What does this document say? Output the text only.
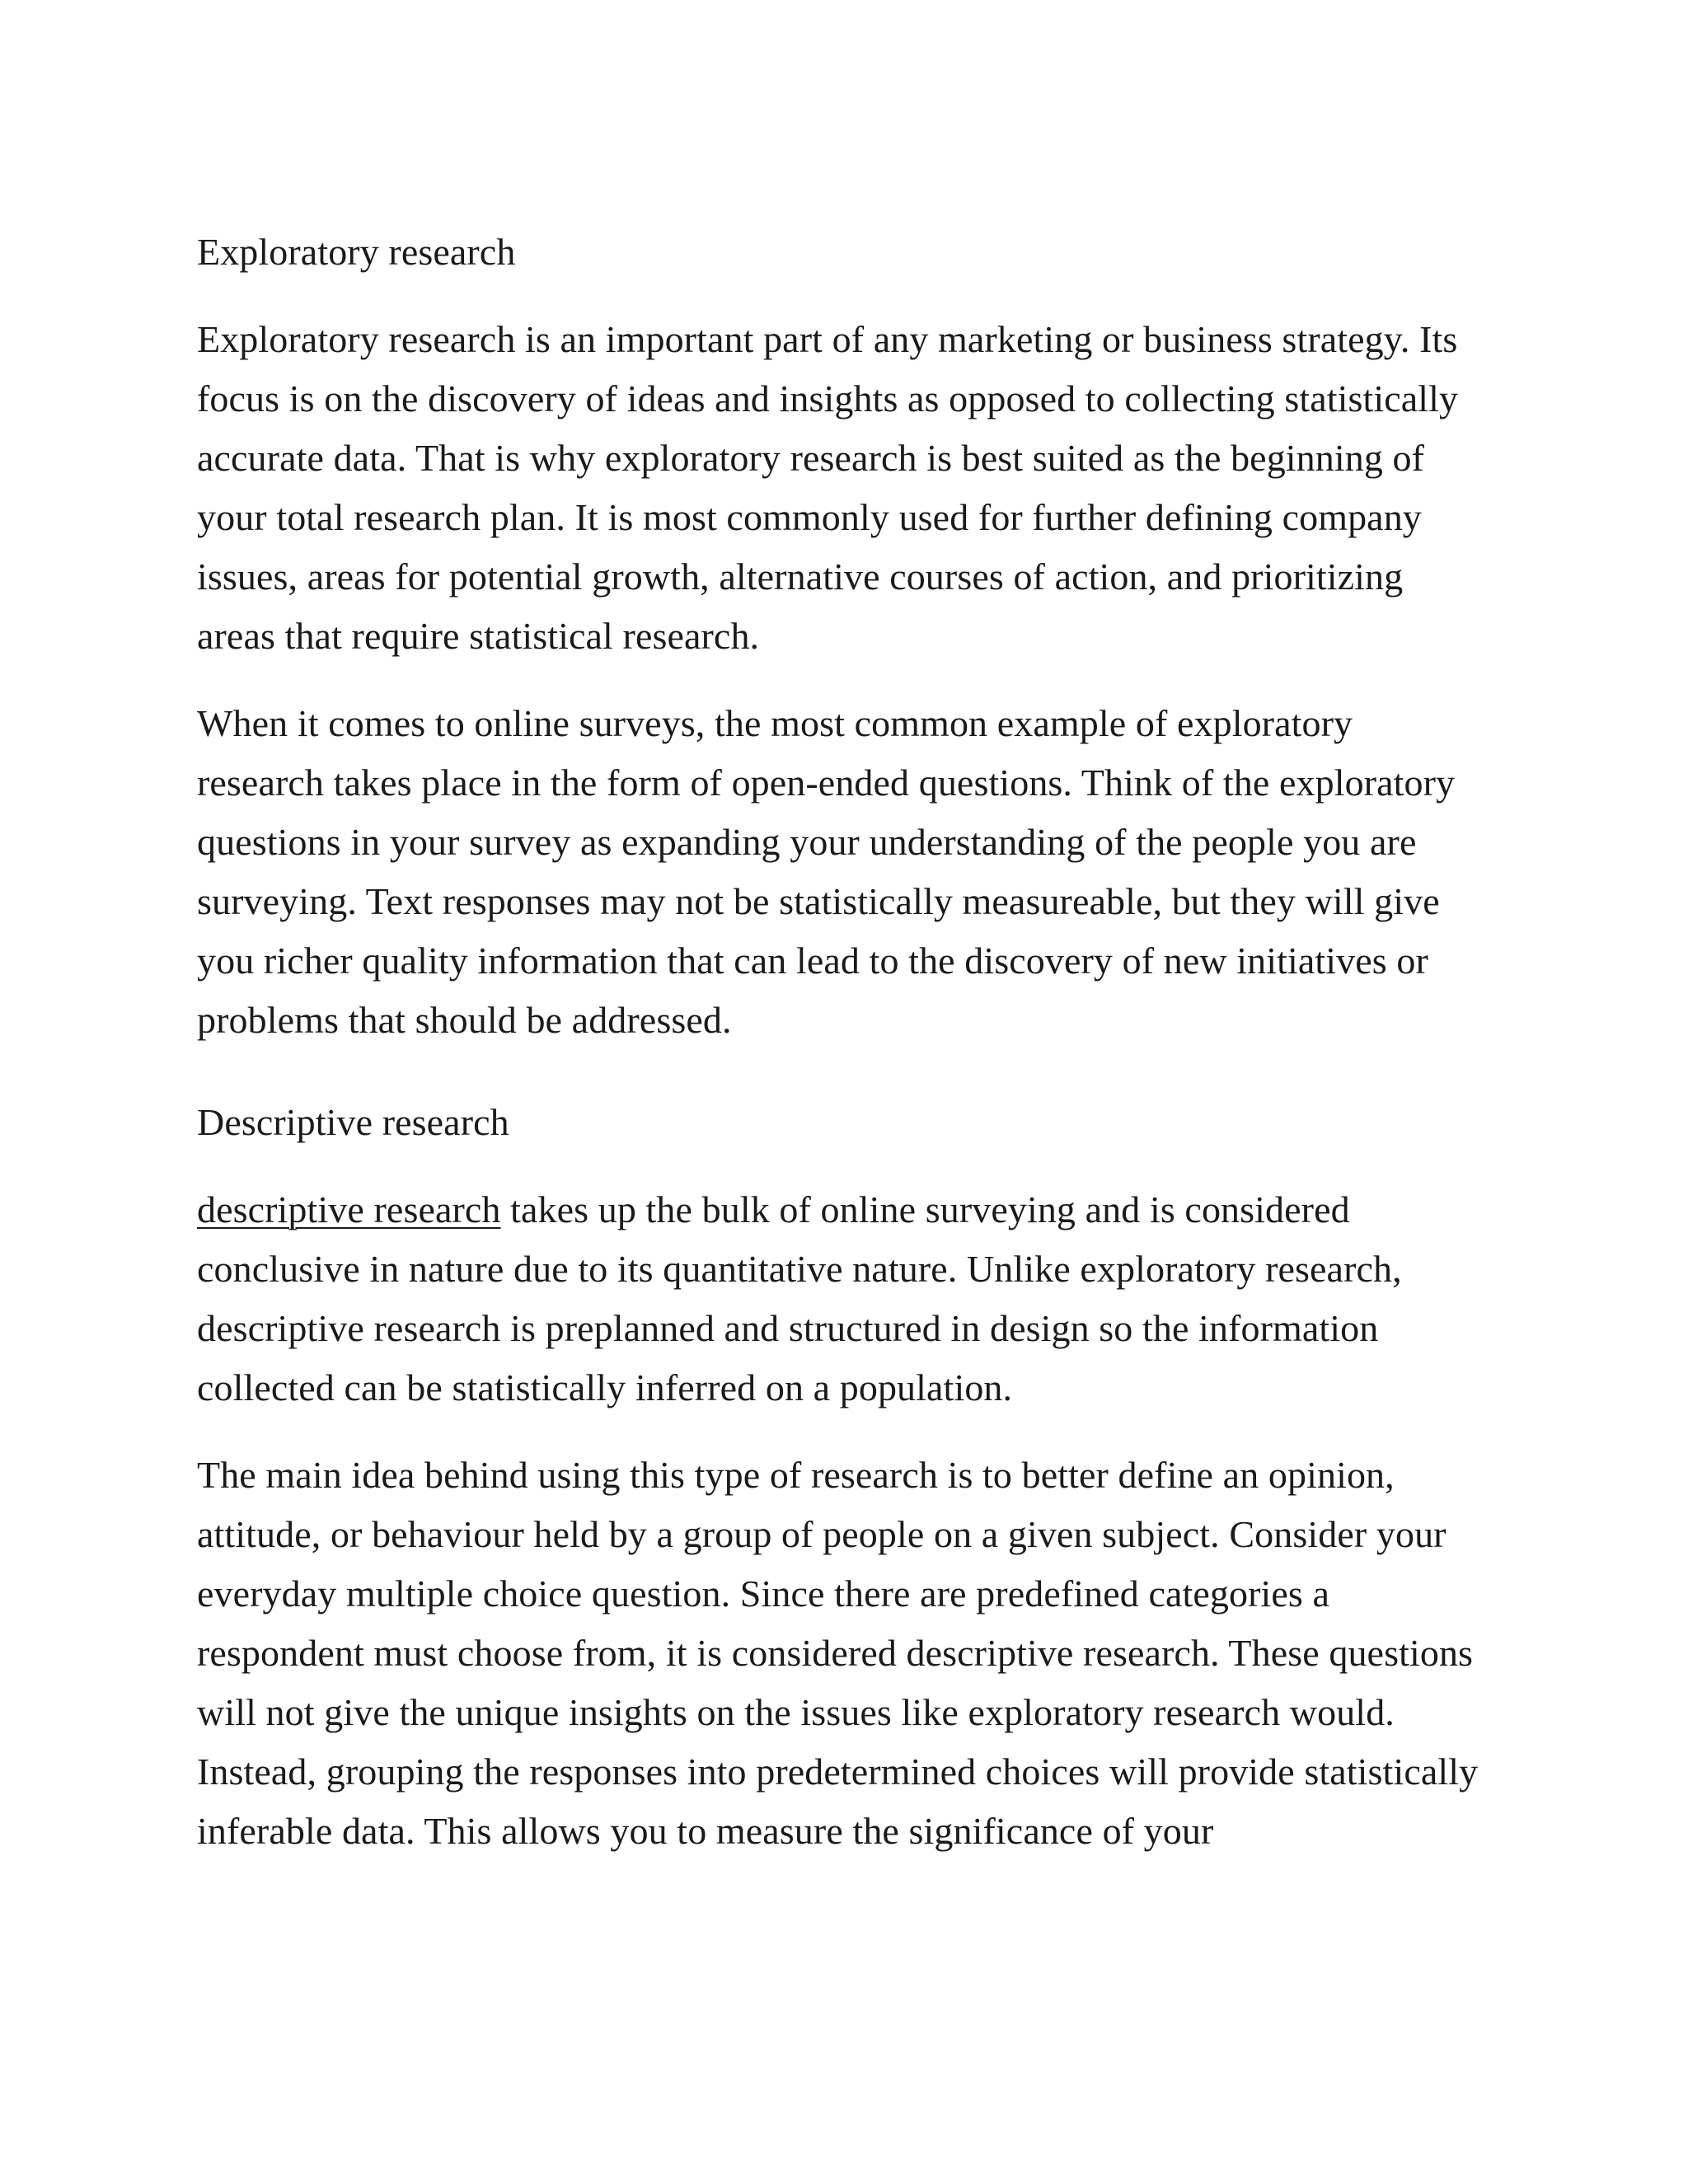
Exploratory research

Exploratory research is an important part of any marketing or business strategy. Its focus is on the discovery of ideas and insights as opposed to collecting statistically accurate data. That is why exploratory research is best suited as the beginning of your total research plan. It is most commonly used for further defining company issues, areas for potential growth, alternative courses of action, and prioritizing areas that require statistical research.

When it comes to online surveys, the most common example of exploratory research takes place in the form of open-ended questions. Think of the exploratory questions in your survey as expanding your understanding of the people you are surveying. Text responses may not be statistically measureable, but they will give you richer quality information that can lead to the discovery of new initiatives or problems that should be addressed.

Descriptive research

descriptive research takes up the bulk of online surveying and is considered conclusive in nature due to its quantitative nature. Unlike exploratory research, descriptive research is preplanned and structured in design so the information collected can be statistically inferred on a population.

The main idea behind using this type of research is to better define an opinion, attitude, or behaviour held by a group of people on a given subject. Consider your everyday multiple choice question. Since there are predefined categories a respondent must choose from, it is considered descriptive research. These questions will not give the unique insights on the issues like exploratory research would. Instead, grouping the responses into predetermined choices will provide statistically inferable data. This allows you to measure the significance of your
